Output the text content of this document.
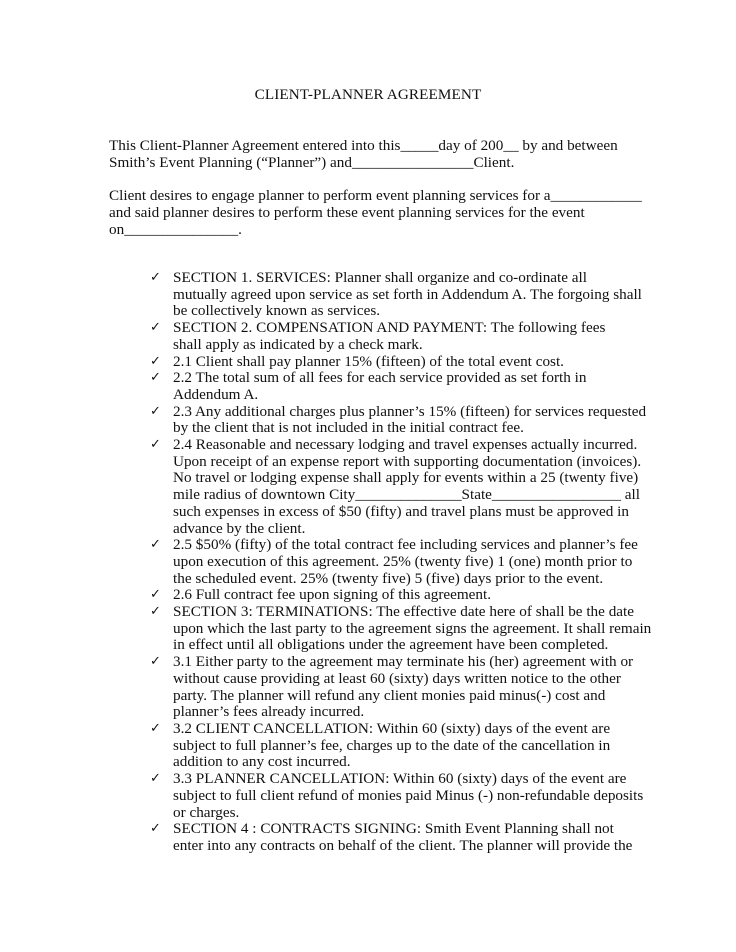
CLIENT-PLANNER AGREEMENT

This Client-Planner Agreement entered into this_____day of 200__ by and between

Smith’s Event Planning (“Planner”) and________________Client.

Client desires to engage planner to perform event planning services for a____________

and said planner desires to perform these event planning services for the event

on_______________.

✓ SECTION 1. SERVICES: Planner shall organize and co-ordinate all
mutually agreed upon service as set forth in Addendum A. The forgoing shall
be collectively known as services.
✓ SECTION 2. COMPENSATION AND PAYMENT: The following fees
shall apply as indicated by a check mark.
✓ 2.1 Client shall pay planner 15% (fifteen) of the total event cost.
✓ 2.2 The total sum of all fees for each service provided as set forth in
Addendum A.
✓ 2.3 Any additional charges plus planner’s 15% (fifteen) for services requested
by the client that is not included in the initial contract fee.
✓ 2.4 Reasonable and necessary lodging and travel expenses actually incurred.
Upon receipt of an expense report with supporting documentation (invoices).
No travel or lodging expense shall apply for events within a 25 (twenty five)
mile radius of downtown City______________State_________________ all
such expenses in excess of $50 (fifty) and travel plans must be approved in
advance by the client.
✓ 2.5 $50% (fifty) of the total contract fee including services and planner’s fee
upon execution of this agreement. 25% (twenty five) 1 (one) month prior to
the scheduled event. 25% (twenty five) 5 (five) days prior to the event.
✓ 2.6 Full contract fee upon signing of this agreement.
✓ SECTION 3: TERMINATIONS: The effective date here of shall be the date
upon which the last party to the agreement signs the agreement. It shall remain
in effect until all obligations under the agreement have been completed.
✓ 3.1 Either party to the agreement may terminate his (her) agreement with or
without cause providing at least 60 (sixty) days written notice to the other
party. The planner will refund any client monies paid minus(-) cost and
planner’s fees already incurred.
✓ 3.2 CLIENT CANCELLATION: Within 60 (sixty) days of the event are
subject to full planner’s fee, charges up to the date of the cancellation in
addition to any cost incurred.
✓ 3.3 PLANNER CANCELLATION: Within 60 (sixty) days of the event are
subject to full client refund of monies paid Minus (-) non-refundable deposits
or charges.
✓ SECTION 4 : CONTRACTS SIGNING: Smith Event Planning shall not
enter into any contracts on behalf of the client. The planner will provide the
